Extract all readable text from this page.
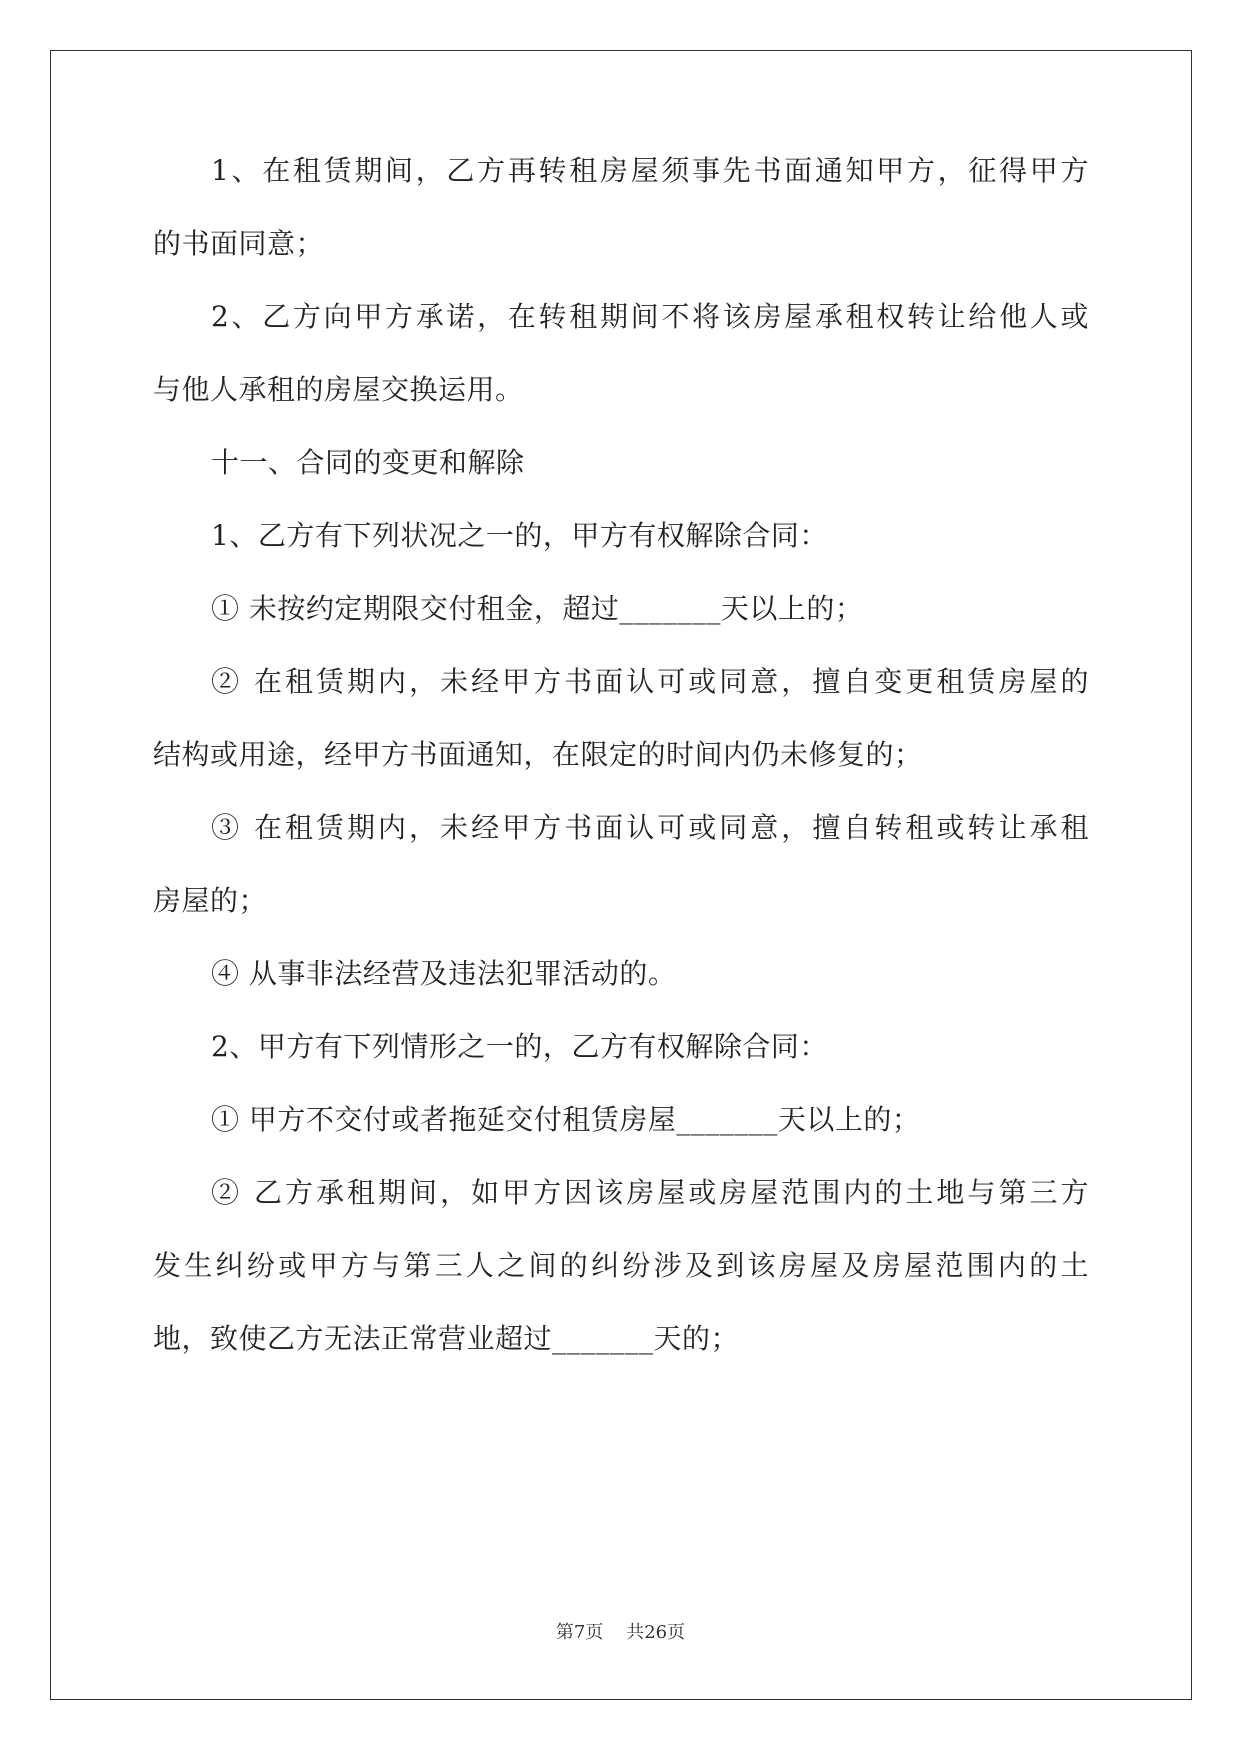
1、在租赁期间，乙方再转租房屋须事先书面通知甲方，征得甲方
的书面同意；
2、乙方向甲方承诺，在转租期间不将该房屋承租权转让给他人或
与他人承租的房屋交换运用。
十一、合同的变更和解除
1、乙方有下列状况之一的，甲方有权解除合同：
① 未按约定期限交付租金，超过_______天以上的；
② 在租赁期内，未经甲方书面认可或同意，擅自变更租赁房屋的
结构或用途，经甲方书面通知，在限定的时间内仍未修复的；
③ 在租赁期内，未经甲方书面认可或同意，擅自转租或转让承租
房屋的；
④ 从事非法经营及违法犯罪活动的。
2、甲方有下列情形之一的，乙方有权解除合同：
① 甲方不交付或者拖延交付租赁房屋_______天以上的；
② 乙方承租期间，如甲方因该房屋或房屋范围内的土地与第三方
发生纠纷或甲方与第三人之间的纠纷涉及到该房屋及房屋范围内的土
地，致使乙方无法正常营业超过_______天的；
第7页 共26页
